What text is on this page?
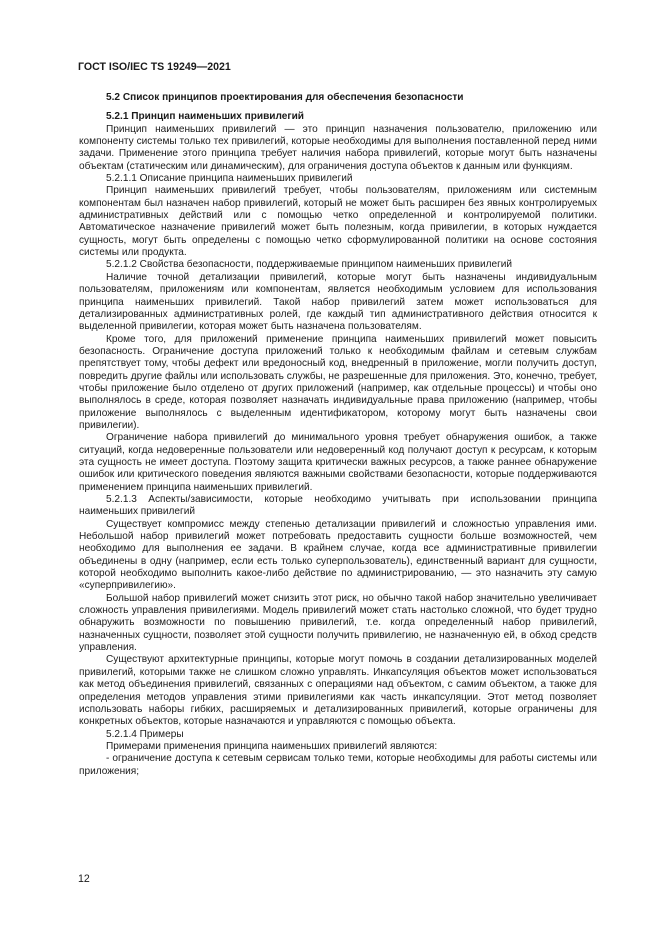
ГОСТ ISO/IEC TS 19249—2021
5.2 Список принципов проектирования для обеспечения безопасности
5.2.1 Принцип наименьших привилегий

Принцип наименьших привилегий — это принцип назначения пользователю, приложению или компоненту системы только тех привилегий, которые необходимы для выполнения поставленной перед ними задачи. Применение этого принципа требует наличия набора привилегий, которые могут быть назначены объектам (статическим или динамическим), для ограничения доступа объектов к данным или функциям.

5.2.1.1 Описание принципа наименьших привилегий

Принцип наименьших привилегий требует, чтобы пользователям, приложениям или системным компонентам был назначен набор привилегий, который не может быть расширен без явных контролируемых административных действий или с помощью четко определенной и контролируемой политики. Автоматическое назначение привилегий может быть полезным, когда привилегии, в которых нуждается сущность, могут быть определены с помощью четко сформулированной политики на основе состояния системы или продукта.

5.2.1.2 Свойства безопасности, поддерживаемые принципом наименьших привилегий

Наличие точной детализации привилегий, которые могут быть назначены индивидуальным пользователям, приложениям или компонентам, является необходимым условием для использования принципа наименьших привилегий. Такой набор привилегий затем может использоваться для детализированных административных ролей, где каждый тип административного действия относится к выделенной привилегии, которая может быть назначена пользователям.

Кроме того, для приложений применение принципа наименьших привилегий может повысить безопасность. Ограничение доступа приложений только к необходимым файлам и сетевым службам препятствует тому, чтобы дефект или вредоносный код, внедренный в приложение, могли получить доступ, повредить другие файлы или использовать службы, не разрешенные для приложения. Это, конечно, требует, чтобы приложение было отделено от других приложений (например, как отдельные процессы) и чтобы оно выполнялось в среде, которая позволяет назначать индивидуальные права приложению (например, чтобы приложение выполнялось с выделенным идентификатором, которому могут быть назначены свои привилегии).

Ограничение набора привилегий до минимального уровня требует обнаружения ошибок, а также ситуаций, когда недоверенные пользователи или недоверенный код получают доступ к ресурсам, к которым эта сущность не имеет доступа. Поэтому защита критически важных ресурсов, а также раннее обнаружение ошибок или критического поведения являются важными свойствами безопасности, которые поддерживаются применением принципа наименьших привилегий.

5.2.1.3 Аспекты/зависимости, которые необходимо учитывать при использовании принципа наименьших привилегий

Существует компромисс между степенью детализации привилегий и сложностью управления ими. Небольшой набор привилегий может потребовать предоставить сущности больше возможностей, чем необходимо для выполнения ее задачи. В крайнем случае, когда все административные привилегии объединены в одну (например, если есть только суперпользователь), единственный вариант для сущности, которой необходимо выполнить какое-либо действие по администрированию, — это назначить эту самую «суперпривилегию».

Большой набор привилегий может снизить этот риск, но обычно такой набор значительно увеличивает сложность управления привилегиями. Модель привилегий может стать настолько сложной, что будет трудно обнаружить возможности по повышению привилегий, т.е. когда определенный набор привилегий, назначенных сущности, позволяет этой сущности получить привилегию, не назначенную ей, в обход средств управления.

Существуют архитектурные принципы, которые могут помочь в создании детализированных моделей привилегий, которыми также не слишком сложно управлять. Инкапсуляция объектов может использоваться как метод объединения привилегий, связанных с операциями над объектом, с самим объектом, а также для определения методов управления этими привилегиями как часть инкапсуляции. Этот метод позволяет использовать наборы гибких, расширяемых и детализированных привилегий, которые ограничены для конкретных объектов, которые назначаются и управляются с помощью объекта.

5.2.1.4 Примеры

Примерами применения принципа наименьших привилегий являются:

- ограничение доступа к сетевым сервисам только теми, которые необходимы для работы системы или приложения;

12
